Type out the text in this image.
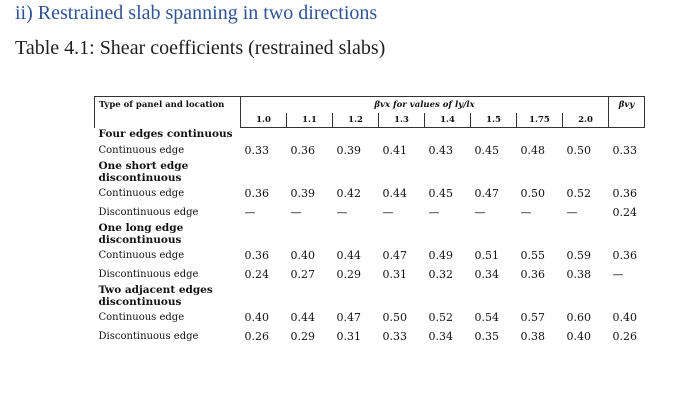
ii) Restrained slab spanning in two directions
Table 4.1: Shear coefficients (restrained slabs)
Type of panel and location	βvx for values of ly/lx								βvy
	1.0	1.1	1.2	1.3	1.4	1.5	1.75	2.0	
Four edges continuous									
Continuous edge	0.33	0.36	0.39	0.41	0.43	0.45	0.48	0.50	0.33
One short edge discontinuous									
Continuous edge	0.36	0.39	0.42	0.44	0.45	0.47	0.50	0.52	0.36
Discontinuous edge	—	—	—	—	—	—	—	—	0.24
One long edge discontinuous									
Continuous edge	0.36	0.40	0.44	0.47	0.49	0.51	0.55	0.59	0.36
Discontinuous edge	0.24	0.27	0.29	0.31	0.32	0.34	0.36	0.38	—
Two adjacent edges discontinuous									
Continuous edge	0.40	0.44	0.47	0.50	0.52	0.54	0.57	0.60	0.40
Discontinuous edge	0.26	0.29	0.31	0.33	0.34	0.35	0.38	0.40	0.26
